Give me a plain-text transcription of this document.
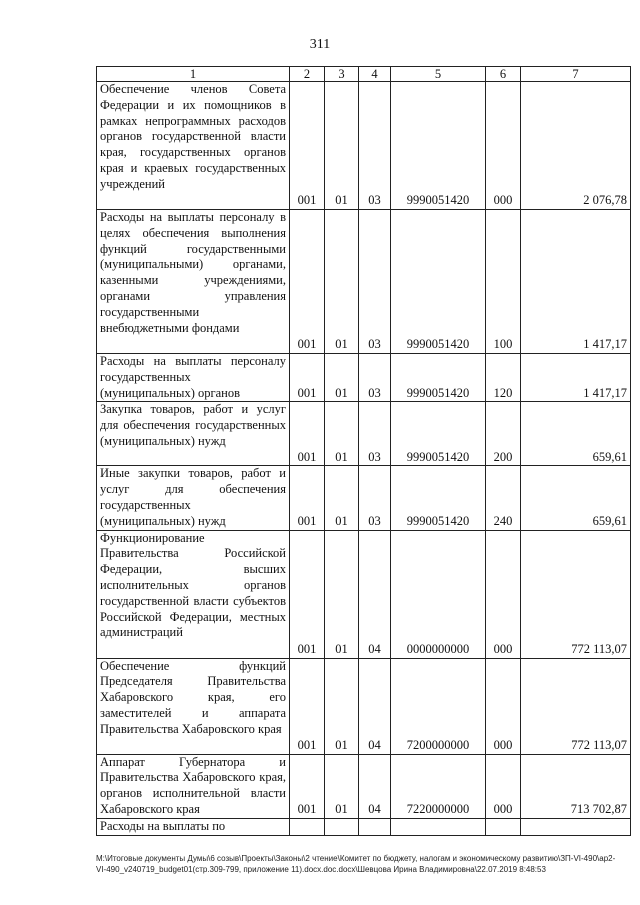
311
1	2	3	4	5	6	7
Обеспечение членов Совета Федерации и их помощников в рамках непрограммных расходов органов государственной власти края, государственных органов края и краевых государственных учреждений	001	01	03	9990051420	000	2 076,78
Расходы на выплаты персоналу в целях обеспечения выполнения функций государственными (муниципальными) органами, казенными учреждениями, органами управления государственными внебюджетными фондами	001	01	03	9990051420	100	1 417,17
Расходы на выплаты персоналу государственных (муниципальных) органов	001	01	03	9990051420	120	1 417,17
Закупка товаров, работ и услуг для обеспечения государственных (муниципальных) нужд	001	01	03	9990051420	200	659,61
Иные закупки товаров, работ и услуг для обеспечения государственных (муниципальных) нужд	001	01	03	9990051420	240	659,61
Функционирование Правительства Российской Федерации, высших исполнительных органов государственной власти субъектов Российской Федерации, местных администраций	001	01	04	0000000000	000	772 113,07
Обеспечение функций Председателя Правительства Хабаровского края, его заместителей и аппарата Правительства Хабаровского края	001	01	04	7200000000	000	772 113,07
Аппарат Губернатора и Правительства Хабаровского края, органов исполнительной власти Хабаровского края	001	01	04	7220000000	000	713 702,87
Расходы на выплаты по						
М:\Итоговые документы Думы\6 созыв\Проекты\Законы\2 чтение\Комитет по бюджету, налогам и экономическому развитию\ЗП-VI-490\ар2-VI-490_v240719_budget01(стр.309-799, приложение 11).docx.doc.docx\Шевцова Ирина Владимировна\22.07.2019 8:48:53
